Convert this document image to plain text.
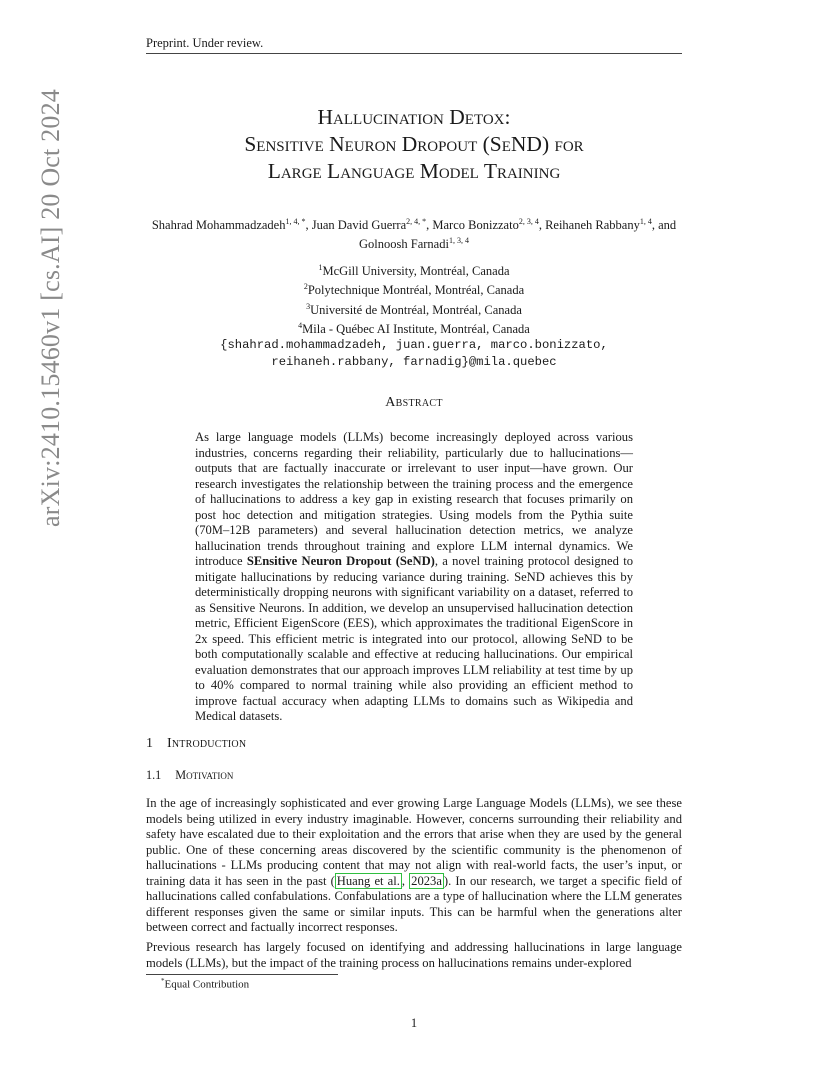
Preprint. Under review.
arXiv:2410.15460v1 [cs.AI] 20 Oct 2024	Hallucination Detox:
Sensitive Neuron Dropout (SeND) for
Large Language Model Training
Shahrad Mohammadzadeh$^{1, 4, *}$, Juan David Guerra$^{2, 4, *}$, Marco Bonizzato$^{2, 3, 4}$, Reihaneh Rabbany$^{1, 4}$, and Golnoosh Farnadi$^{1, 3, 4}$
$^1$McGill University, Montréal, Canada
$^2$Polytechnique Montréal, Montréal, Canada
$^3$Université de Montréal, Montréal, Canada
$^4$Mila - Québec AI Institute, Montréal, Canada
{shahrad.mohammadzadeh, juan.guerra, marco.bonizzato,
reihaneh.rabbany, farnadig}@mila.quebec
Abstract
As large language models (LLMs) become increasingly deployed across various industries, concerns regarding their reliability, particularly due to hallucinations—outputs that are factually inaccurate or irrelevant to user input—have grown. Our research investigates the relationship between the training process and the emergence of hallucinations to address a key gap in existing research that focuses primarily on post hoc detection and mitigation strategies. Using models from the Pythia suite (70M–12B parameters) and several hallucination detection metrics, we analyze hallucination trends throughout training and explore LLM internal dynamics. We introduce SEnsitive Neuron Dropout (SeND), a novel training protocol designed to mitigate hallucinations by reducing variance during training. SeND achieves this by deterministically dropping neurons with significant variability on a dataset, referred to as Sensitive Neurons. In addition, we develop an unsupervised hallucination detection metric, Efficient EigenScore (EES), which approximates the traditional EigenScore in 2x speed. This efficient metric is integrated into our protocol, allowing SeND to be both computationally scalable and effective at reducing hallucinations. Our empirical evaluation demonstrates that our approach improves LLM reliability at test time by up to 40% compared to normal training while also providing an efficient method to improve factual accuracy when adapting LLMs to domains such as Wikipedia and Medical datasets.
1 Introduction
1.1 Motivation
In the age of increasingly sophisticated and ever growing Large Language Models (LLMs), we see these models being utilized in every industry imaginable. However, concerns surrounding their reliability and safety have escalated due to their exploitation and the errors that arise when they are used by the general public. One of these concerning areas discovered by the scientific community is the phenomenon of hallucinations - LLMs producing content that may not align with real-world facts, the user’s input, or training data it has seen in the past ( Huang et al. , 2023a ). In our research, we target a specific field of hallucinations called confabulations. Confabulations are a type of hallucination where the LLM generates different responses given the same or similar inputs. This can be harmful when the generations alter between correct and factually incorrect responses.
Previous research has largely focused on identifying and addressing hallucinations in large language models (LLMs), but the impact of the training process on hallucinations remains under-explored
*Equal Contribution
1
